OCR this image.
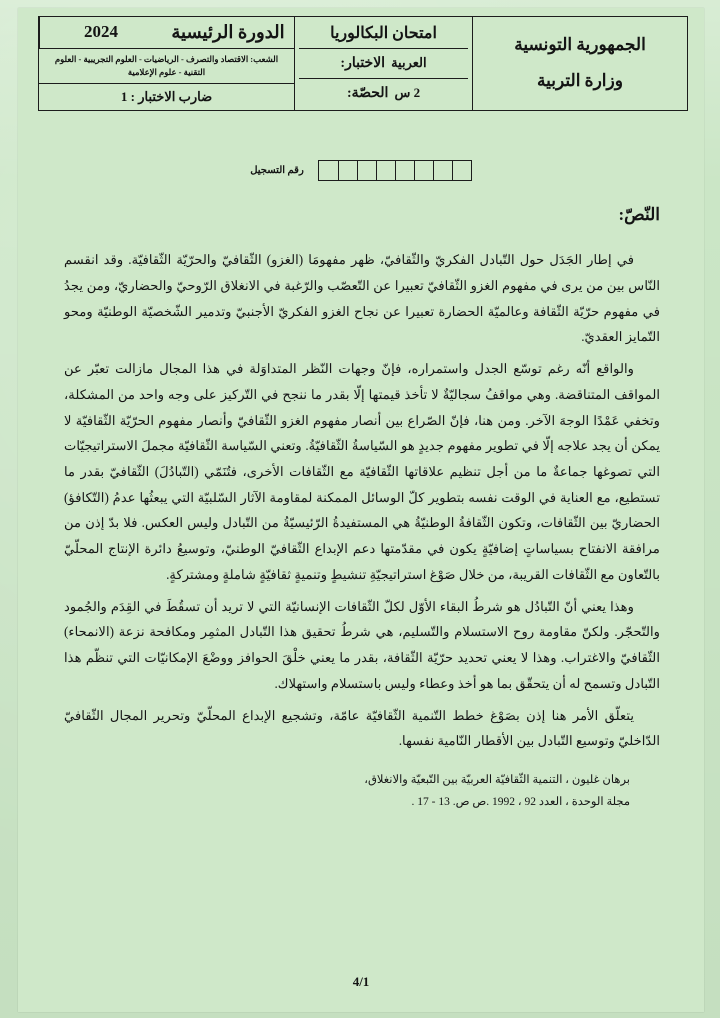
الجمهورية التونسية
وزارة التربية
امتحان البكالوريا
العربية
الاختبار:
2 س
الحصّة:
الدورة الرئيسية
2024
الشعب: الاقتصاد والتصرف - الرياضيات - العلوم التجريبية - العلوم التقنية - علوم الإعلامية
ضارب الاختبار : 1
رقم التسجيل
النّصّ:

في إطار الجَدَل حول التّبادل الفكريّ والثّقافيّ، ظهر مفهومَا (الغزو) الثّقافيّ والحرّيّة الثّقافيّة. وقد انقسم النّاس بين من يرى في مفهوم الغزو الثّقافيّ تعبيرا عن التّعصّب والرّغبة في الانغلاق الرّوحيّ والحضاريّ، ومن يجدُ في مفهوم حرّيّة الثّقافة وعالميّة الحضارة تعبيرا عن نجاح الغزو الفكريّ الأجنبيّ وتدمير الشّخصيّة الوطنيّة ومحو التّمايز العقديّ.

والواقع أنّه رغم توسّع الجدل واستمراره، فإنّ وجهات النّظر المتداوَلة في هذا المجال مازالت تعبّر عن المواقف المتناقضة. وهي مواقفُ سجاليّةٌ لا تأخذ قيمتها إلّا بقدر ما ننجح في التّركيز على وجه واحد من المشكلة، وتخفي عَمْدًا الوجهَ الآخر. ومن هنا، فإنّ الصّراع بين أنصار مفهوم الغزو الثّقافيّ وأنصار مفهوم الحرّيّة الثّقافيّة لا يمكن أن يجد علاجه إلّا في تطوير مفهوم جديدٍ هو السّياسةُ الثّقافيّةُ. وتعني السّياسة الثّقافيّة مجملَ الاستراتيجيّات التي تصوغها جماعةٌ ما من أجل تنظيم علاقاتها الثّقافيّة مع الثّقافات الأخرى، فتُنَمّي (التّبادُلَ) الثّقافيّ بقدر ما تستطيع، مع العناية في الوقت نفسه بتطوير كلّ الوسائل الممكنة لمقاومة الآثار السّلبيّة التي يبعثُها عدمُ (التّكافؤ) الحضاريّ بين الثّقافات، وتكون الثّقافةُ الوطنيّةُ هي المستفيدةُ الرّئيسيّةُ من التّبادل وليس العكس. فلا بدّ إذن من مرافقة الانفتاح بسياساتٍ إضافيّةٍ يكون في مقدّمتها دعم الإبداع الثّقافيّ الوطنيّ، وتوسيعُ دائرة الإنتاج المحلّيّ بالتّعاون مع الثّقافات القريبة، من خلال صَوْغ استراتيجيّةِ تنشيطٍ وتنميةٍ ثقافيّةٍ شاملةٍ ومشتركةٍ.

وهذا يعني أنّ التّبادُل هو شرطُ البقاء الأوّل لكلّ الثّقافات الإنسانيّة التي لا تريد أن تسقُطَ في القِدَم والجُمود والتّحجّر. ولكنّ مقاومة روح الاستسلام والتّسليم، هي شرطُ تحقيق هذا التّبادل المثمِر ومكافحة نزعة (الانمحاء) الثّقافيّ والاغتراب. وهذا لا يعني تحديد حرّيّة الثّقافة، بقدر ما يعني خلْقَ الحوافز ووضْعَ الإمكانيّات التي تنظّم هذا التّبادل وتسمح له أن يتحقّق بما هو أخذ وعطاء وليس باستسلام واستهلاك.

يتعلّق الأمر هنا إذن بصَوْغ خطط التّنمية الثّقافيّة عامّة، وتشجيع الإبداع المحلّيّ وتحرير المجال الثّقافيّ الدّاخليّ وتوسيع التّبادل بين الأقطار النّامية نفسها.

برهان غليون ، التنمية الثّقافيّة العربيّة بين التّبعيّة والانغلاق،
مجلة الوحدة ، العدد 92 ، 1992 .ص ص. 13 - 17 .
4/1
